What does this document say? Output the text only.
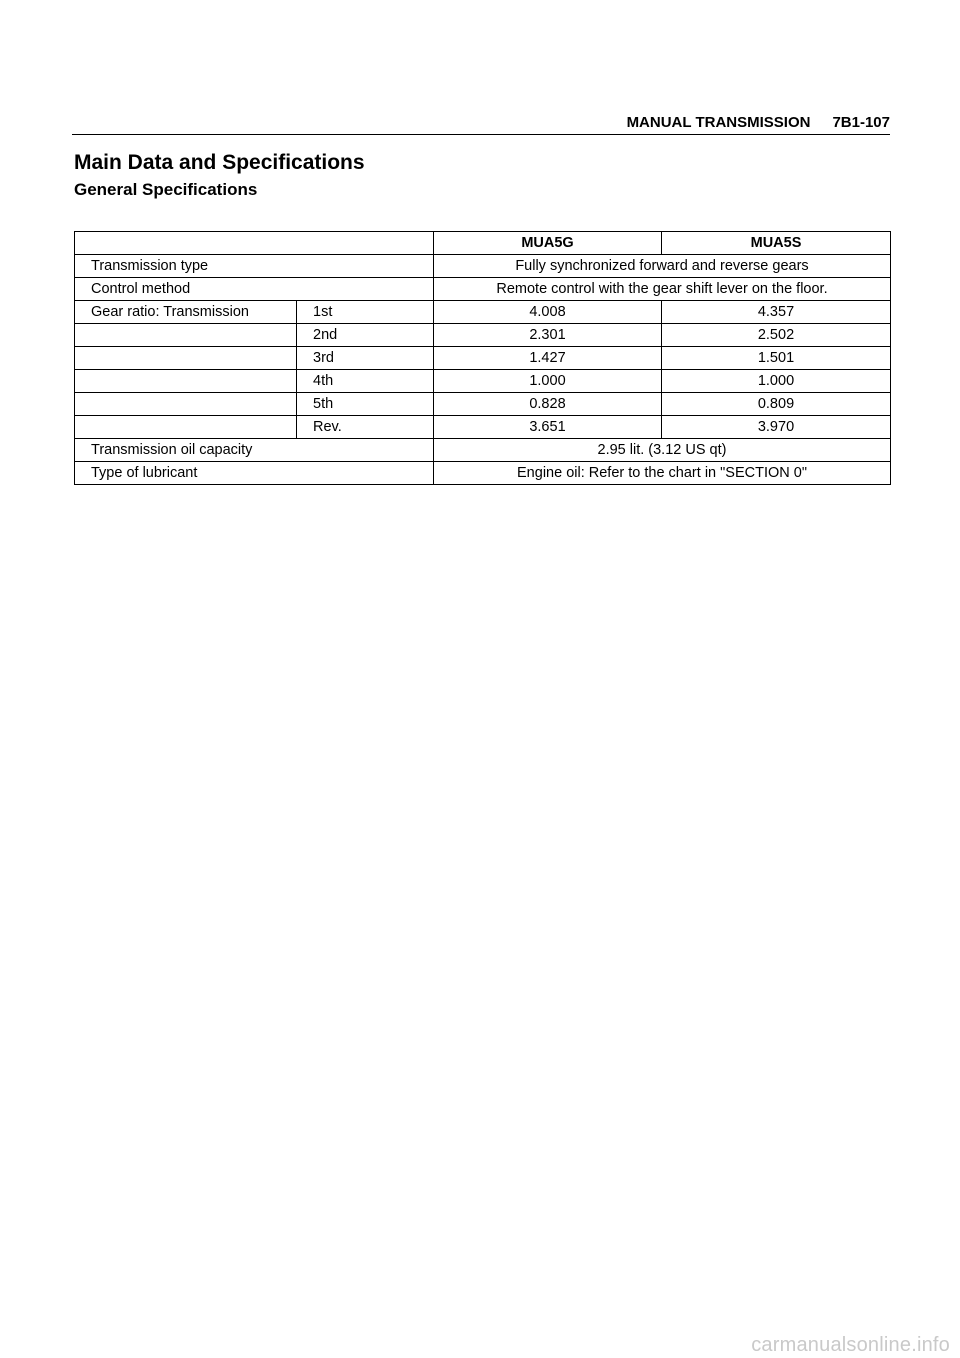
MANUAL TRANSMISSION 7B1-107
Main Data and Specifications
General Specifications
		MUA5G	MUA5S
Transmission type		Fully synchronized forward and reverse gears	
Control method		Remote control with the gear shift lever on the floor.	
Gear ratio: Transmission	1st	4.008	4.357
	2nd	2.301	2.502
	3rd	1.427	1.501
	4th	1.000	1.000
	5th	0.828	0.809
	Rev.	3.651	3.970
Transmission oil capacity		2.95 lit. (3.12 US qt)	
Type of lubricant		Engine oil: Refer to the chart in "SECTION 0"	
carmanualsonline.info
